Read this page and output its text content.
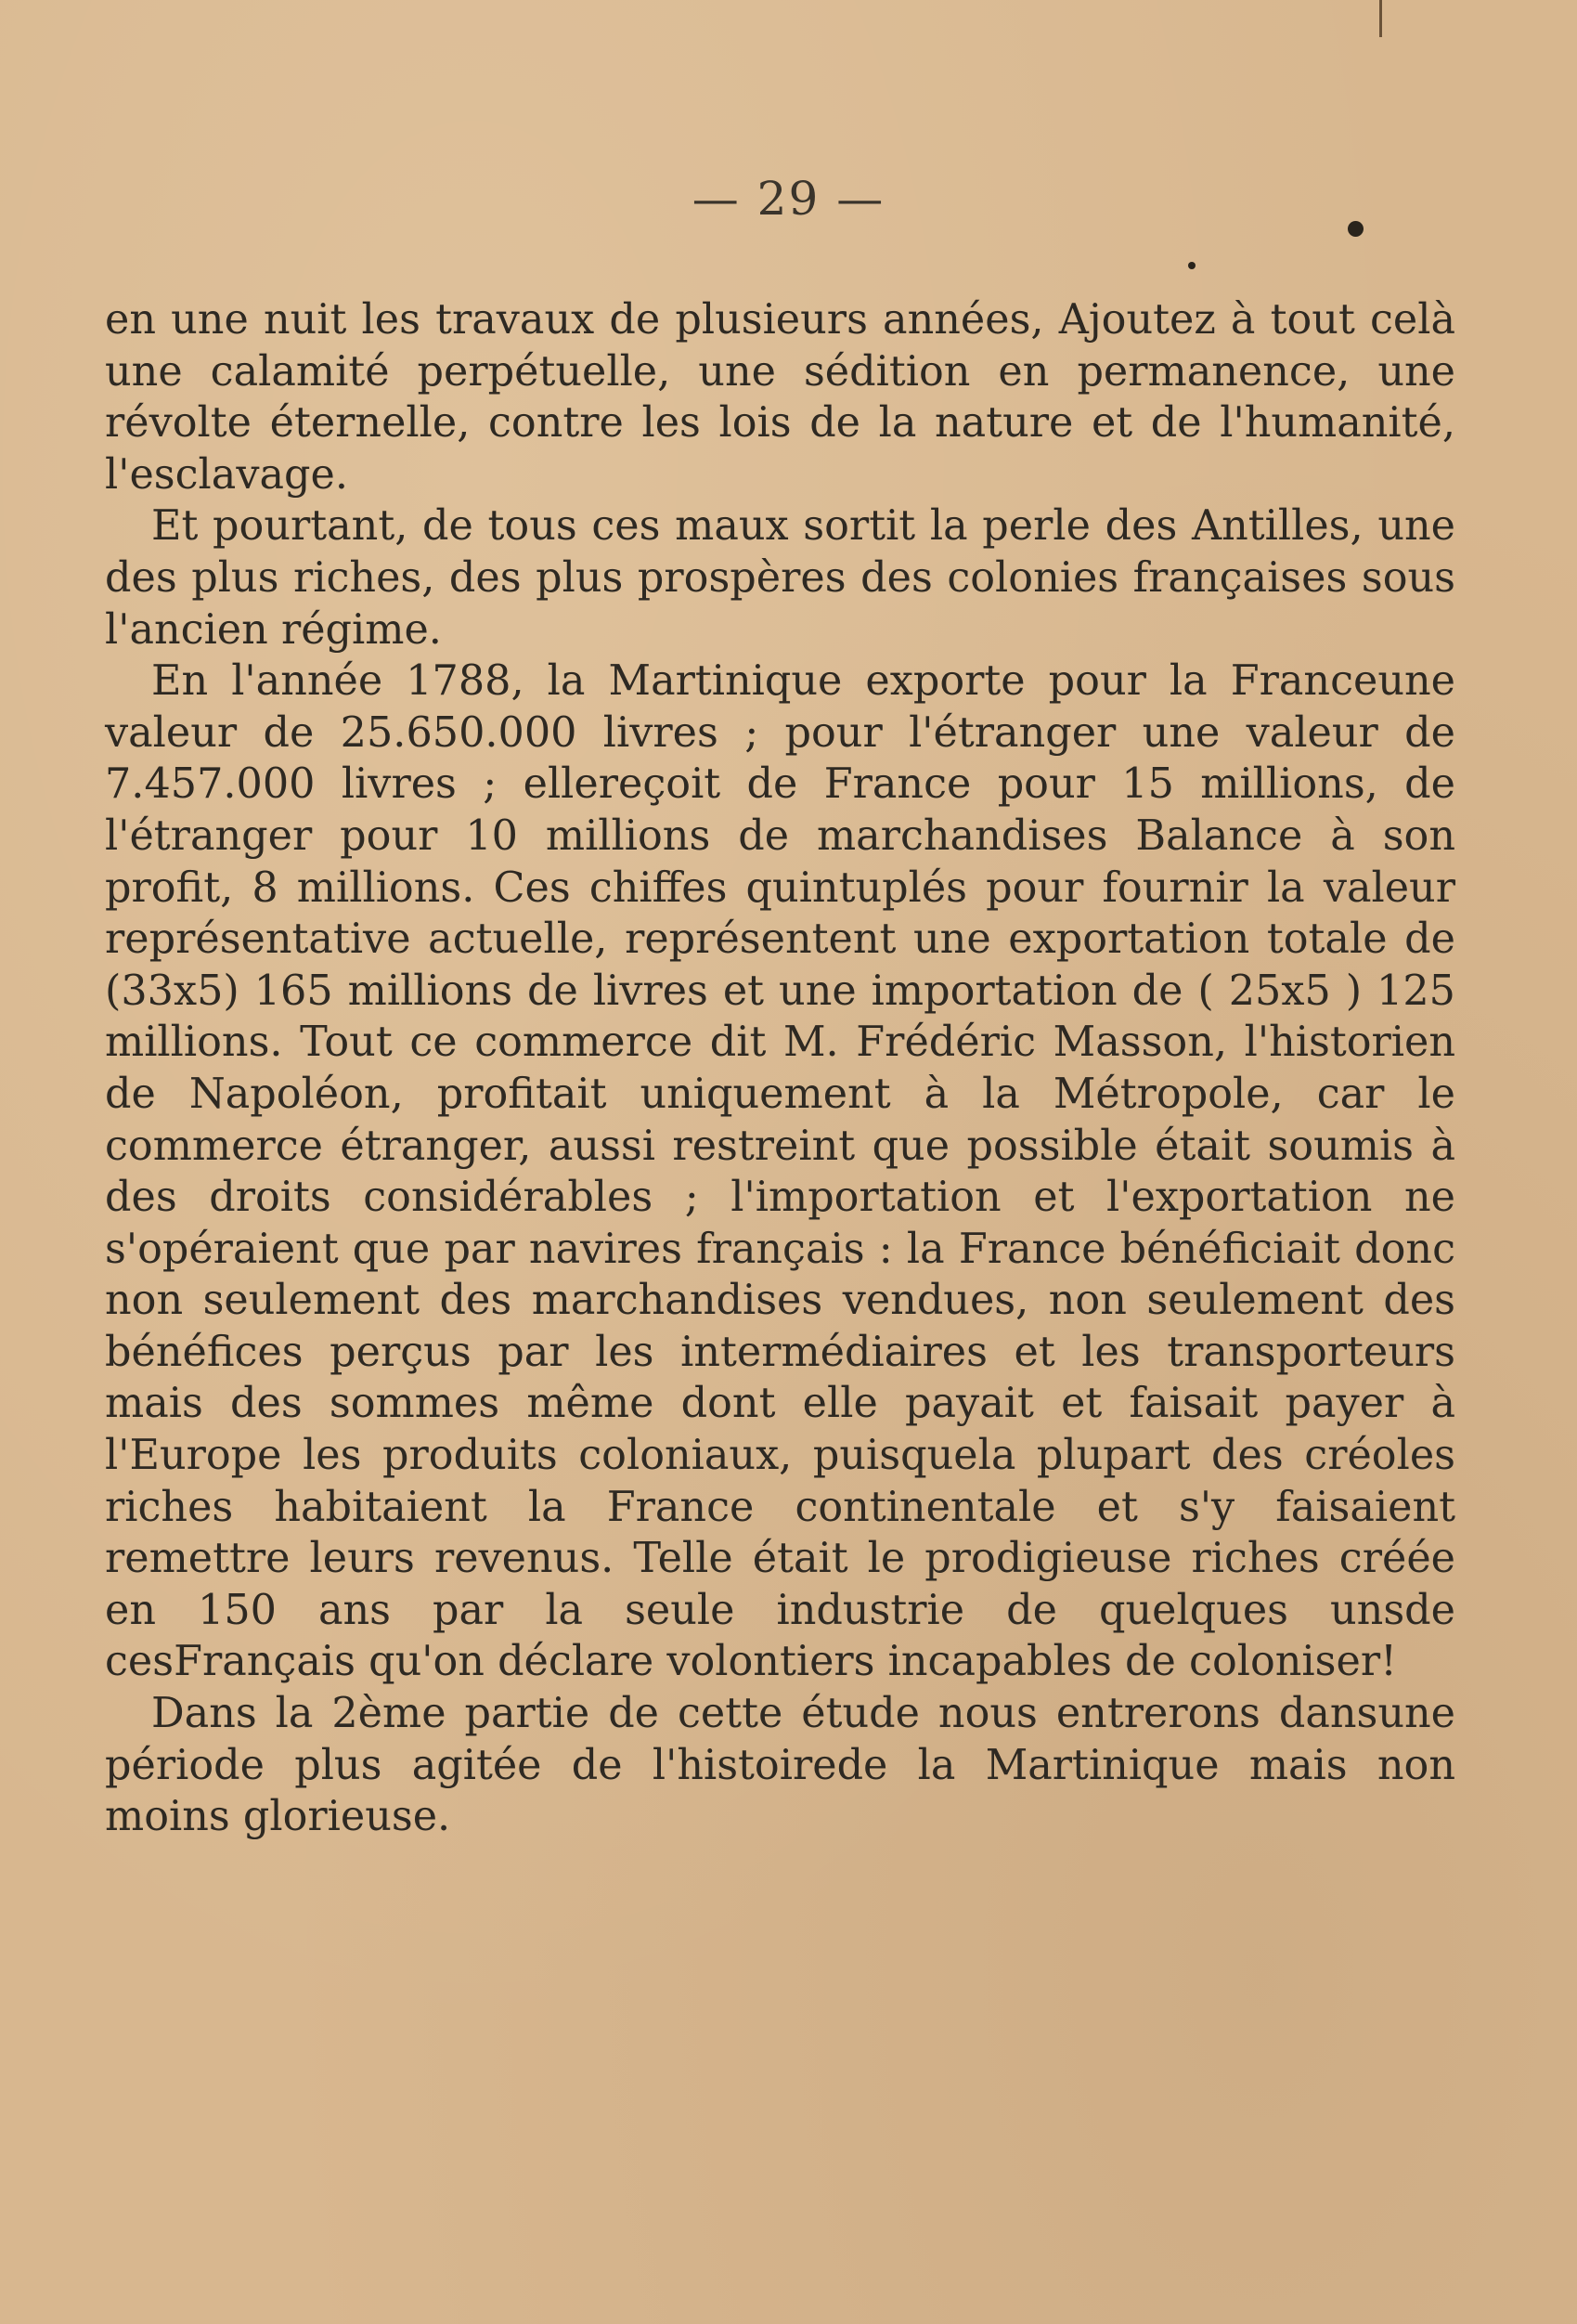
— 29 —

en une nuit les travaux de plusieurs années, Ajoutez à tout celà une calamité perpétuelle, une sédition en permanence, une révolte éternelle, contre les lois de la nature et de l'humanité, l'esclavage.

Et pourtant, de tous ces maux sortit la perle des Antilles, une des plus riches, des plus prospères des colonies françaises sous l'ancien régime.

En l'année 1788, la Martinique exporte pour la Franceune valeur de 25.650.000 livres ; pour l'étranger une valeur de 7.457.000 livres ; ellereçoit de France pour 15 millions, de l'étranger pour 10 millions de marchandises Balance à son profit, 8 millions. Ces chiffes quintuplés pour fournir la valeur représentative actuelle, représentent une exportation totale de (33x5) 165 millions de livres et une importation de ( 25x5 ) 125 millions. Tout ce commerce dit M. Frédéric Masson, l'historien de Napoléon, profitait uniquement à la Métropole, car le commerce étranger, aussi restreint que possible était soumis à des droits considérables ; l'importation et l'exportation ne s'opéraient que par navires français : la France bénéficiait donc non seulement des marchandises vendues, non seulement des bénéfices perçus par les intermédiaires et les transporteurs mais des sommes même dont elle payait et faisait payer à l'Europe les produits coloniaux, puisquela plupart des créoles riches habitaient la France continentale et s'y faisaient remettre leurs revenus. Telle était le prodigieuse riches créée en 150 ans par la seule industrie de quelques unsde cesFrançais qu'on déclare volontiers incapables de coloniser!

Dans la 2ème partie de cette étude nous entrerons dansune période plus agitée de l'histoirede la Martinique mais non moins glorieuse.
